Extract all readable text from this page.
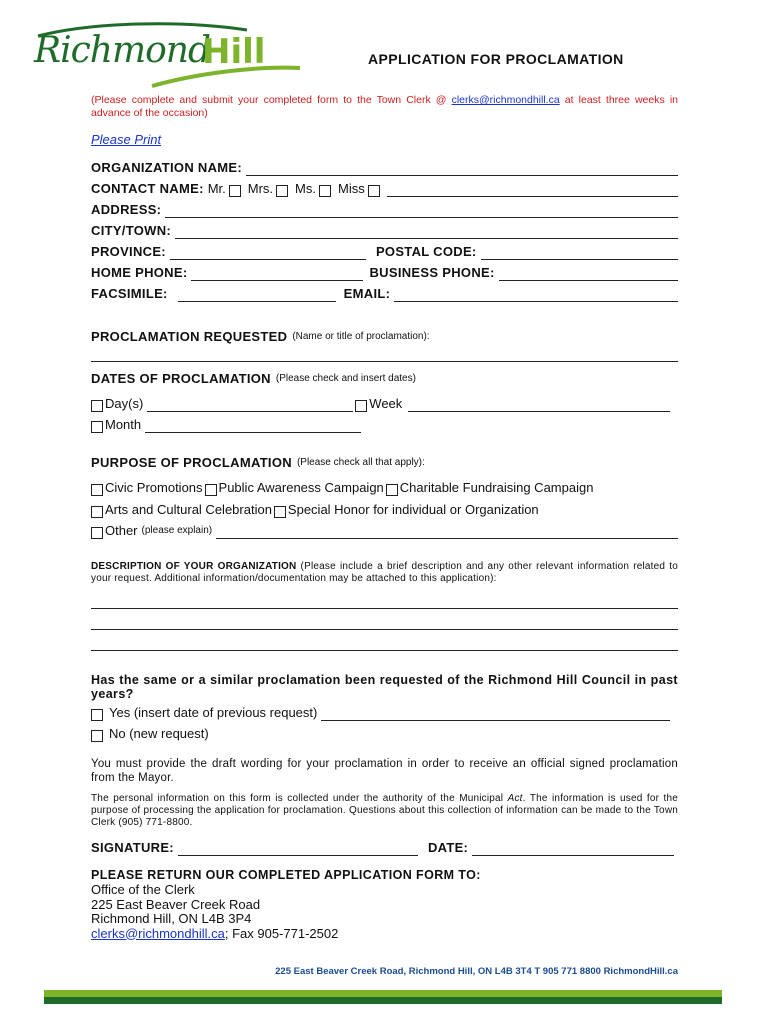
Richmond
Hill	APPLICATION FOR PROCLAMATION
(Please complete and submit your completed form to the Town Clerk @ clerks@richmondhill.ca at least three weeks in advance of the occasion)
Please Print
ORGANIZATION NAME:
CONTACT NAME: Mr. Mrs. Ms. Miss
ADDRESS:
CITY/TOWN:
PROVINCE:	POSTAL CODE:
HOME PHONE:	BUSINESS PHONE:
FACSIMILE:	EMAIL:
PROCLAMATION REQUESTED (Name or title of proclamation):
DATES OF PROCLAMATION (Please check and insert dates)
Day(s)	Week
Month
PURPOSE OF PROCLAMATION (Please check all that apply):
Civic Promotions Public Awareness Campaign Charitable Fundraising Campaign
Arts and Cultural Celebration Special Honor for individual or Organization
Other (please explain)
DESCRIPTION OF YOUR ORGANIZATION (Please include a brief description and any other relevant information related to your request. Additional information/documentation may be attached to this application):
Has the same or a similar proclamation been requested of the Richmond Hill Council in past years?
Yes (insert date of previous request)
No (new request)
You must provide the draft wording for your proclamation in order to receive an official signed proclamation from the Mayor.
The personal information on this form is collected under the authority of the Municipal Act. The information is used for the purpose of processing the application for proclamation. Questions about this collection of information can be made to the Town Clerk (905) 771-8800.
SIGNATURE:	DATE:
PLEASE RETURN OUR COMPLETED APPLICATION FORM TO:
Office of the Clerk
225 East Beaver Creek Road
Richmond Hill, ON L4B 3P4
clerks@richmondhill.ca; Fax 905-771-2502
225 East Beaver Creek Road, Richmond Hill, ON L4B 3T4 T 905 771 8800 RichmondHill.ca
